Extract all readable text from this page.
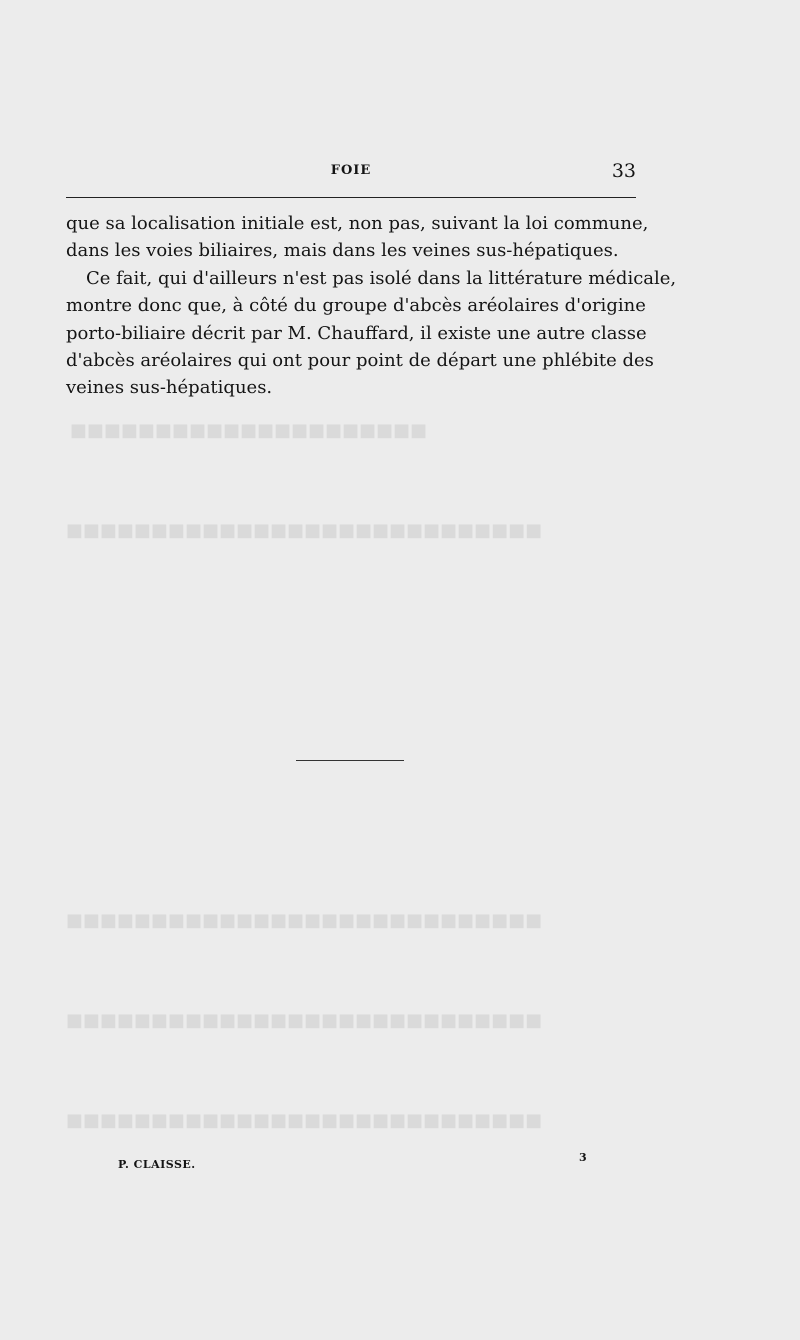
■■■■■■■■■■■■■■■■■■■■■
■■■■■■■■■■■■■■■■■■■■■■■■■■■■
■■■■■■■■■■■■■■■■■■■■■■■■■■■■
■■■■■■■■■■■■■■■■■■■■■■■■■■■■
■■■■■■■■■■■■■■■■■■■■■■■■■■■■
FOIE	33
que sa localisation initiale est, non pas, suivant la loi commune,
dans les voies biliaires, mais dans les veines sus-hépatiques.
Ce fait, qui d'ailleurs n'est pas isolé dans la littérature médicale,
montre donc que, à côté du groupe d'abcès aréolaires d'origine
porto-biliaire décrit par M. Chauffard, il existe une autre classe
d'abcès aréolaires qui ont pour point de départ une phlébite des
veines sus-hépatiques.
P. CLAISSE.
3
